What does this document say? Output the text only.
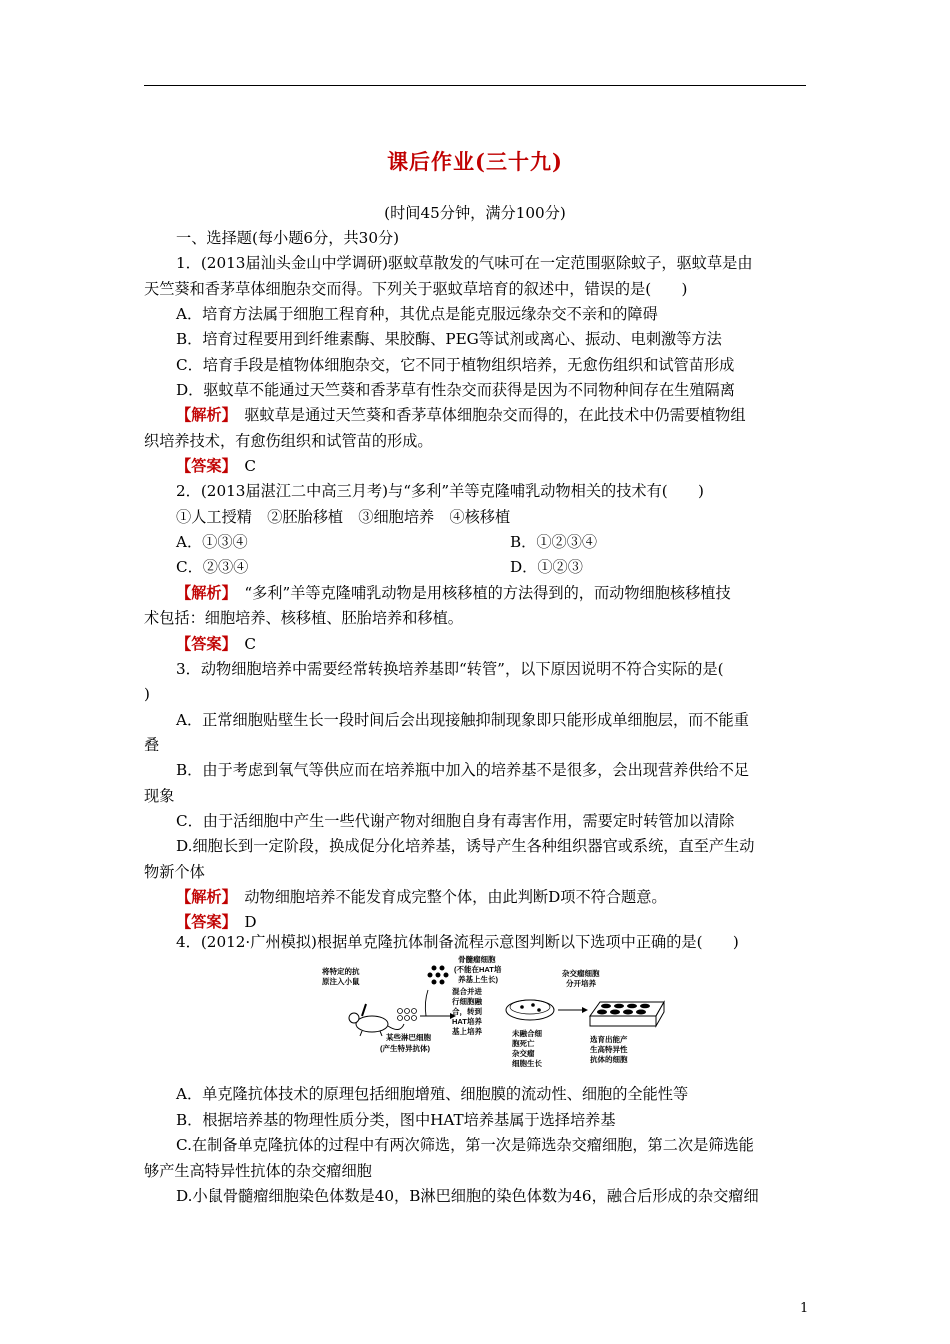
课后作业(三十九)
(时间45分钟，满分100分)
一、选择题(每小题6分，共30分)
1．(2013届汕头金山中学调研)驱蚊草散发的气味可在一定范围驱除蚊子，驱蚊草是由
天竺葵和香茅草体细胞杂交而得。下列关于驱蚊草培育的叙述中，错误的是(　　)
A．培育方法属于细胞工程育种，其优点是能克服远缘杂交不亲和的障碍
B．培育过程要用到纤维素酶、果胶酶、PEG等试剂或离心、振动、电刺激等方法
C．培育手段是植物体细胞杂交，它不同于植物组织培养，无愈伤组织和试管苗形成
D．驱蚊草不能通过天竺葵和香茅草有性杂交而获得是因为不同物种间存在生殖隔离
【解析】　 驱蚊草是通过天竺葵和香茅草体细胞杂交而得的，在此技术中仍需要植物组
织培养技术，有愈伤组织和试管苗的形成。
【答案】　 C
2．(2013届湛江二中高三月考)与“多利”羊等克隆哺乳动物相关的技术有(　　)
①人工授精　②胚胎移植　③细胞培养　④核移植
A．①③④	B．①②③④
C．②③④	D．①②③
【解析】　 “多利”羊等克隆哺乳动物是用核移植的方法得到的，而动物细胞核移植技
术包括：细胞培养、核移植、胚胎培养和移植。
【答案】　 C
3．动物细胞培养中需要经常转换培养基即“转管”，以下原因说明不符合实际的是(
)
A．正常细胞贴壁生长一段时间后会出现接触抑制现象即只能形成单细胞层，而不能重
叠
B．由于考虑到氧气等供应而在培养瓶中加入的培养基不是很多，会出现营养供给不足
现象
C．由于活细胞中产生一些代谢产物对细胞自身有毒害作用，需要定时转管加以清除
D.细胞长到一定阶段，换成促分化培养基，诱导产生各种组织器官或系统，直至产生动
物新个体
【解析】　 动物细胞培养不能发育成完整个体，由此判断D项不符合题意。
【答案】　 D
4．(2012·广州模拟)根据单克隆抗体制备流程示意图判断以下选项中正确的是(　　)
将特定的抗
原注入小鼠
某些淋巴细胞
(产生特异抗体)
骨髓瘤细胞
(不能在HAT培
养基上生长)
混合并进
行细胞融
合，转到
HAT培养
基上培养	未融合细
胞死亡
杂交瘤
细胞生长
杂交瘤细胞
分开培养
选育出能产
生高特异性
抗体的细胞
A．单克隆抗体技术的原理包括细胞增殖、细胞膜的流动性、细胞的全能性等
B．根据培养基的物理性质分类，图中HAT培养基属于选择培养基
C.在制备单克隆抗体的过程中有两次筛选，第一次是筛选杂交瘤细胞，第二次是筛选能
够产生高特异性抗体的杂交瘤细胞
D.小鼠骨髓瘤细胞染色体数是40，B淋巴细胞的染色体数为46，融合后形成的杂交瘤细
1
